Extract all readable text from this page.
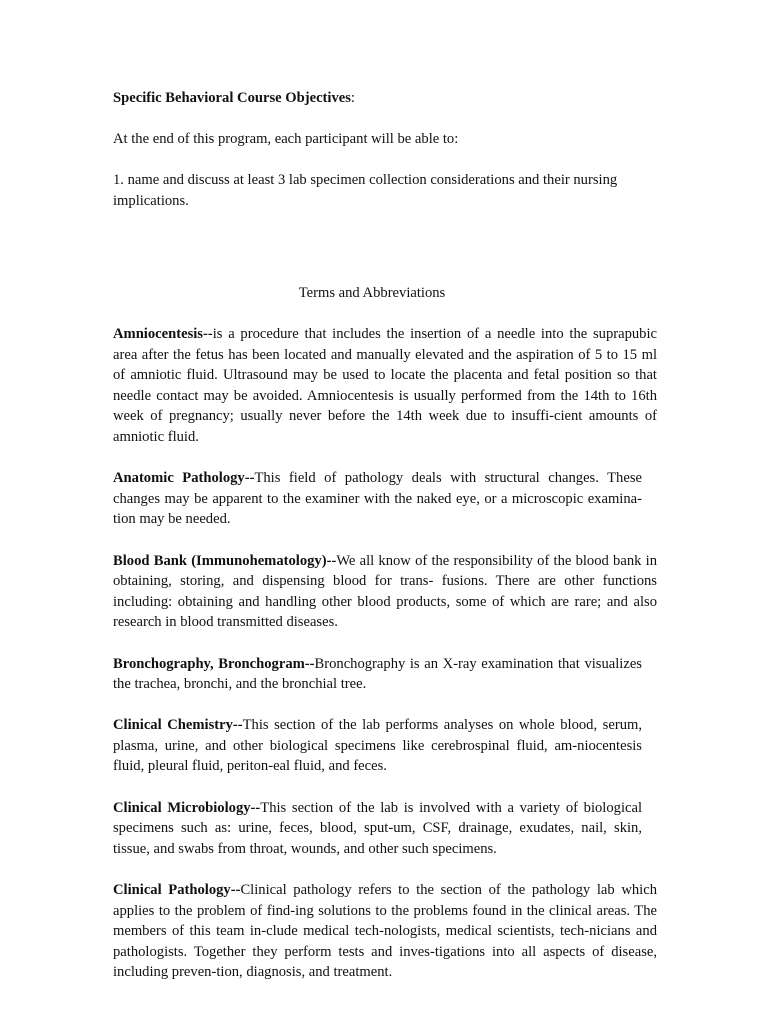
Specific Behavioral Course Objectives:

At the end of this program, each participant will be able to:

1. name and discuss at least 3 lab specimen collection considerations and their nursing implications.

Terms and Abbreviations

Amniocentesis--is a procedure that includes the insertion of a needle into the suprapubic area after the fetus has been located and manually elevated and the aspiration of 5 to 15 ml of amniotic fluid. Ultrasound may be used to locate the placenta and fetal position so that needle contact may be avoided. Amniocentesis is usually performed from the 14th to 16th week of pregnancy; usually never before the 14th week due to insuffi-cient amounts of amniotic fluid.

Anatomic Pathology--This field of pathology deals with structural changes. These changes may be apparent to the examiner with the naked eye, or a microscopic examina-tion may be needed.

Blood Bank (Immunohematology)--We all know of the responsibility of the blood bank in obtaining, storing, and dispensing blood for trans- fusions. There are other functions including: obtaining and handling other blood products, some of which are rare; and also research in blood transmitted diseases.

Bronchography, Bronchogram--Bronchography is an X-ray examination that visualizes the trachea, bronchi, and the bronchial tree.

Clinical Chemistry--This section of the lab performs analyses on whole blood, serum, plasma, urine, and other biological specimens like cerebrospinal fluid, am-niocentesis fluid, pleural fluid, periton-eal fluid, and feces.

Clinical Microbiology--This section of the lab is involved with a variety of biological specimens such as: urine, feces, blood, sput-um, CSF, drainage, exudates, nail, skin, tissue, and swabs from throat, wounds, and other such specimens.

Clinical Pathology--Clinical pathology refers to the section of the pathology lab which applies to the problem of find-ing solutions to the problems found in the clinical areas. The members of this team in-clude medical tech-nologists, medical scientists, tech-nicians and pathologists. Together they perform tests and inves-tigations into all aspects of disease, including preven-tion, diagnosis, and treatment.
